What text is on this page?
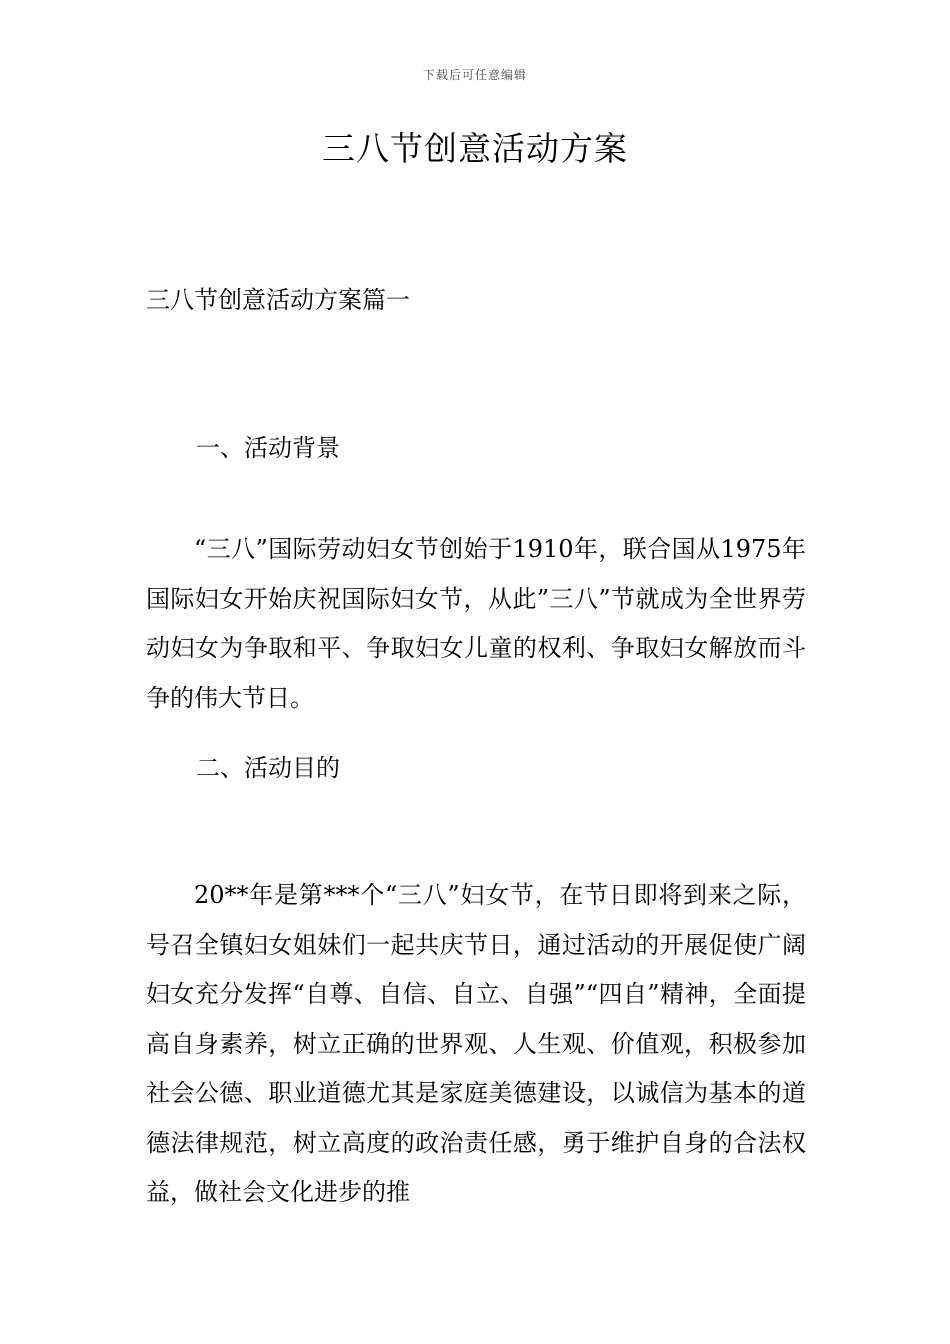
下载后可任意编辑
三八节创意活动方案
三八节创意活动方案篇一
一、活动背景

“三八”国际劳动妇女节创始于1910年，联合国从1975年国际妇女开始庆祝国际妇女节，从此”三八”节就成为全世界劳动妇女为争取和平、争取妇女儿童的权利、争取妇女解放而斗争的伟大节日。

二、活动目的

20**年是第***个“三八”妇女节，在节日即将到来之际，号召全镇妇女姐妹们一起共庆节日，通过活动的开展促使广阔妇女充分发挥“自尊、自信、自立、自强”“四自”精神，全面提高自身素养，树立正确的世界观、人生观、价值观，积极参加社会公德、职业道德尤其是家庭美德建设，以诚信为基本的道德法律规范，树立高度的政治责任感，勇于维护自身的合法权益，做社会文化进步的推
